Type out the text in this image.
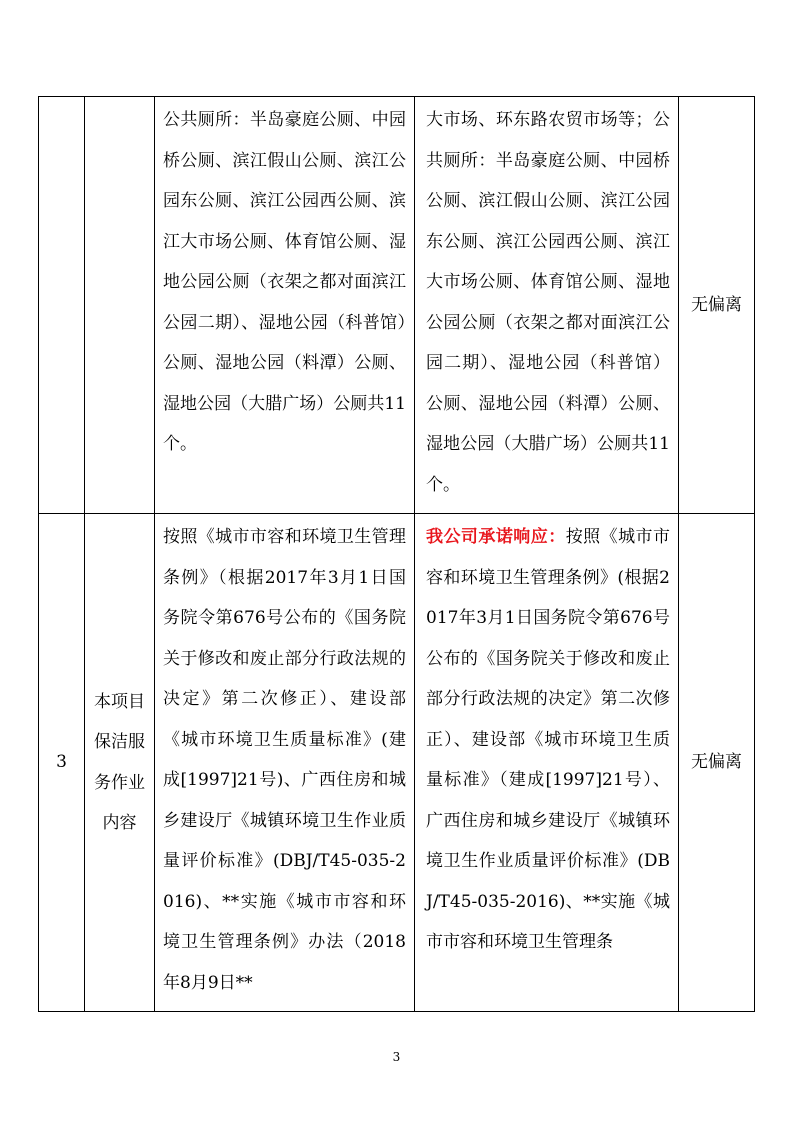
		公共厕所：半岛豪庭公厕、中园桥公厕、滨江假山公厕、滨江公园东公厕、滨江公园西公厕、滨江大市场公厕、体育馆公厕、湿地公园公厕（衣架之都对面滨江公园二期）、湿地公园（科普馆）公厕、湿地公园（料潭）公厕、湿地公园（大腊广场）公厕共11个。	大市场、环东路农贸市场等；公共厕所：半岛豪庭公厕、中园桥公厕、滨江假山公厕、滨江公园东公厕、滨江公园西公厕、滨江大市场公厕、体育馆公厕、湿地公园公厕（衣架之都对面滨江公园二期）、湿地公园（科普馆）公厕、湿地公园（料潭）公厕、湿地公园（大腊广场）公厕共11个。	无偏离
3	本项目保洁服务作业内容	按照《城市市容和环境卫生管理条例》（根据2017年3月1日国务院令第676号公布的《国务院关于修改和废止部分行政法规的决定》第二次修正）、建设部《城市环境卫生质量标准》(建成[1997]21号)、广西住房和城乡建设厅《城镇环境卫生作业质量评价标准》(DBJ/T45-035-2016)、**实施《城市市容和环境卫生管理条例》办法（2018年8月9日**	我公司承诺响应：按照《城市市容和环境卫生管理条例》(根据2017年3月1日国务院令第676号公布的《国务院关于修改和废止部分行政法规的决定》第二次修正）、建设部《城市环境卫生质量标准》（建成[1997]21号）、广西住房和城乡建设厅《城镇环境卫生作业质量评价标准》(DBJ/T45-035-2016)、**实施《城市市容和环境卫生管理条	无偏离
3
